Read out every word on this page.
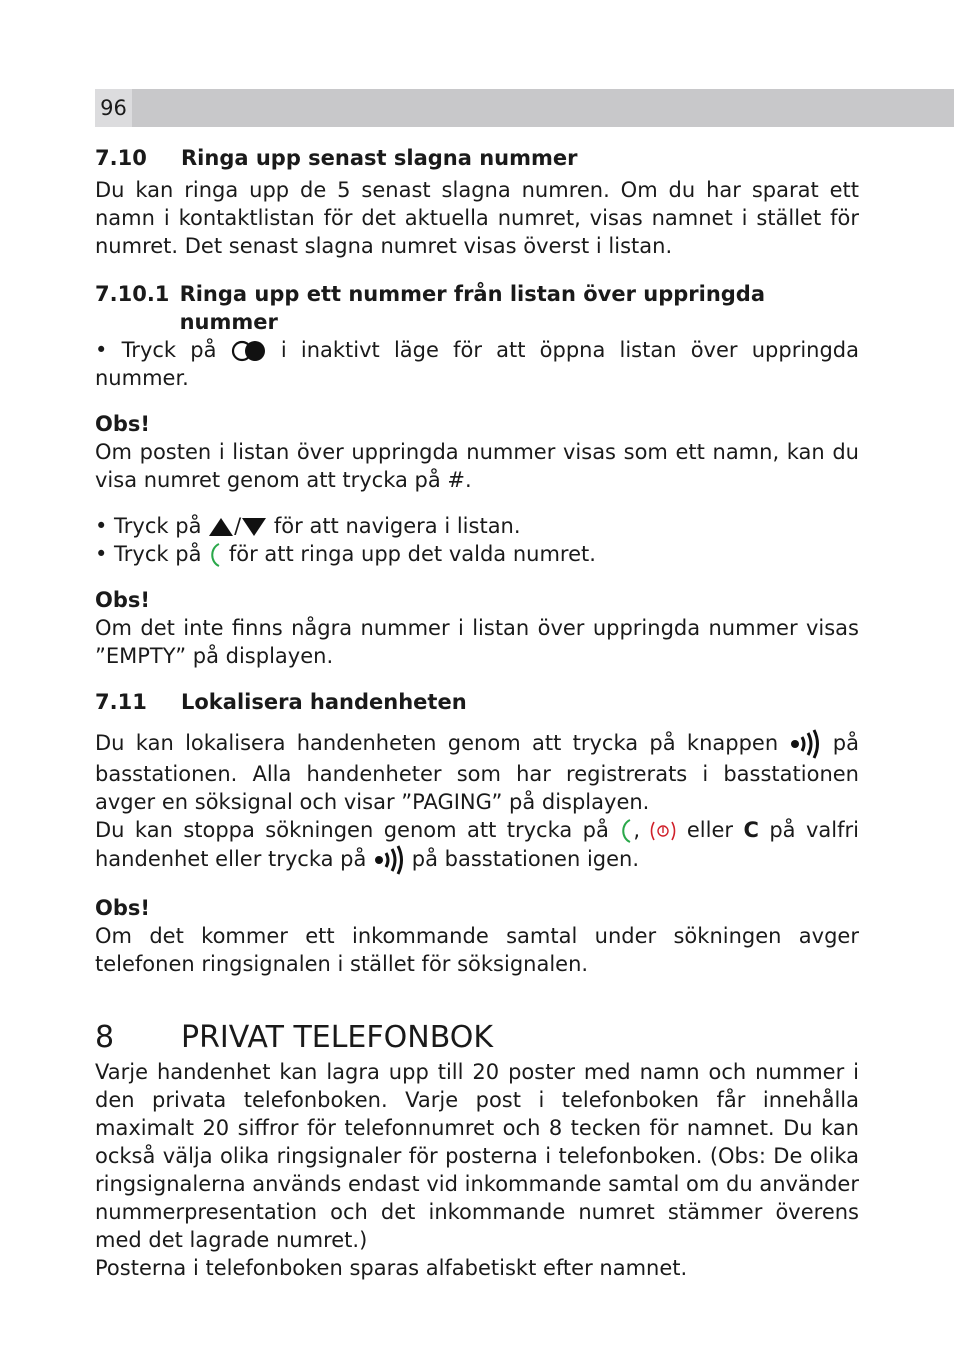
96
7.10	Ringa upp senast slagna nummer

Du kan ringa upp de 5 senast slagna numren. Om du har sparat ett namn i kontaktlistan för det aktuella numret, visas namnet i stället för numret. Det senast slagna numret visas överst i listan.

7.10.1 Ringa upp ett nummer från listan över uppringda nummer

• Tryck på	i inaktivt läge för att öppna listan över uppringda nummer.

Obs!

Om posten i listan över uppringda nummer visas som ett namn, kan du visa numret genom att trycka på #.

• Tryck på / för att navigera i listan.

• Tryck på för att ringa upp det valda numret.

Obs!

Om det inte finns några nummer i listan över uppringda nummer visas ”EMPTY” på displayen.

7.11	Lokalisera handenheten

Du kan lokalisera handenheten genom att trycka på knappen	på basstationen. Alla handenheter som har registrerats i basstationen avger en söksignal och visar ”PAGING” på displayen.

Du kan stoppa sökningen genom att trycka på , eller C på valfri handenhet eller trycka på på basstationen igen.

Obs!

Om det kommer ett inkommande samtal under sökningen avger telefonen ringsignalen i stället för söksignalen.

8	PRIVAT TELEFONBOK

Varje handenhet kan lagra upp till 20 poster med namn och nummer i den privata telefonboken. Varje post i telefonboken får innehålla maximalt 20 siffror för telefonnumret och 8 tecken för namnet. Du kan också välja olika ringsignaler för posterna i telefonboken. (Obs: De olika ringsignalerna används endast vid inkommande samtal om du använder nummerpresentation och det inkommande numret stämmer överens med det lagrade numret.)

Posterna i telefonboken sparas alfabetiskt efter namnet.
